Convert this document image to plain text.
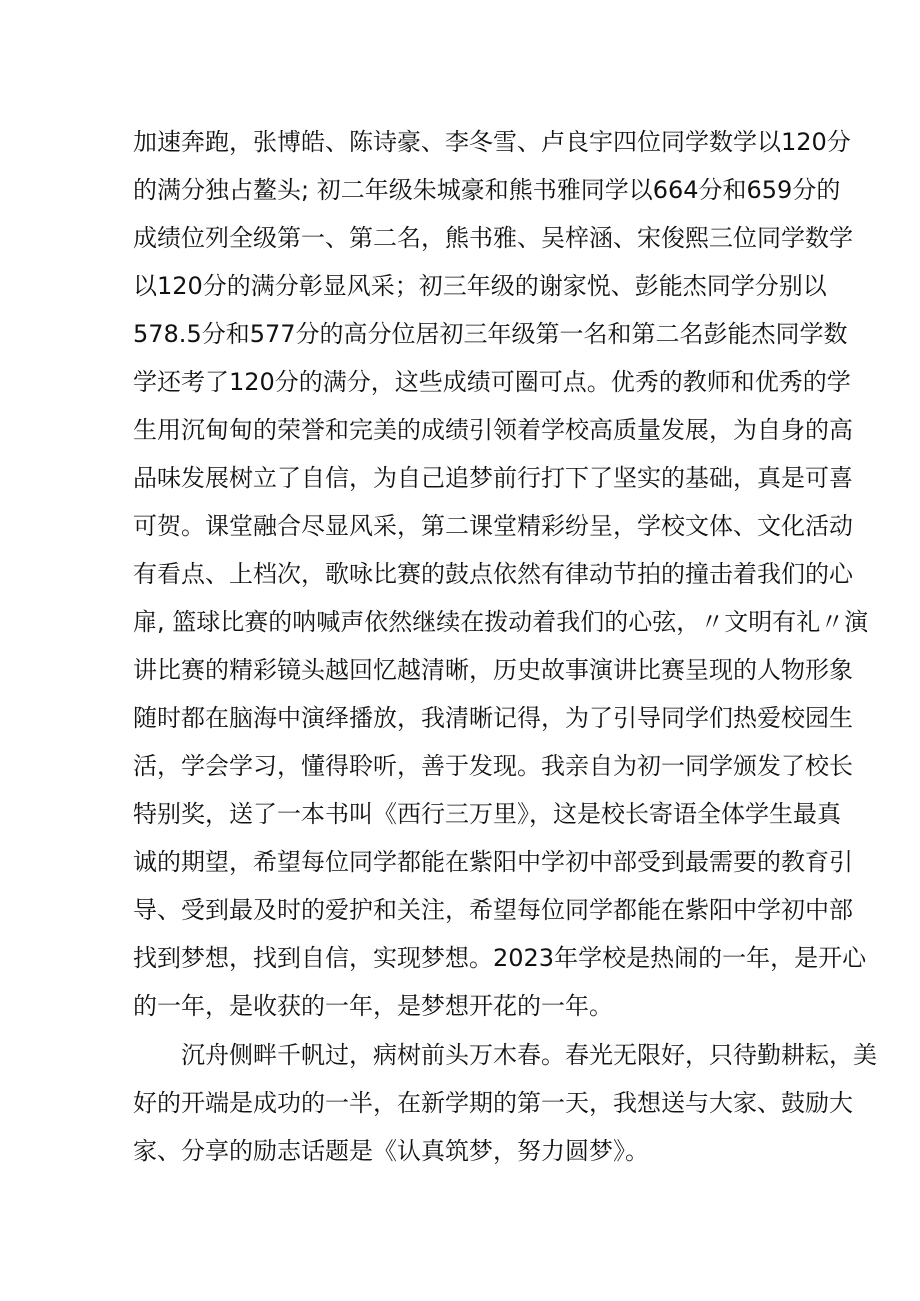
加速奔跑，张博皓、陈诗豪、李冬雪、卢良宇四位同学数学以120分
的满分独占鳌头; 初二年级朱城豪和熊书雅同学以664分和659分的
成绩位列全级第一、第二名，熊书雅、吴梓涵、宋俊熙三位同学数学
以120分的满分彰显风采；初三年级的谢家悦、彭能杰同学分别以
578.5分和577分的高分位居初三年级第一名和第二名彭能杰同学数
学还考了120分的满分，这些成绩可圈可点。优秀的教师和优秀的学
生用沉甸甸的荣誉和完美的成绩引领着学校高质量发展，为自身的高
品味发展树立了自信，为自己追梦前行打下了坚实的基础，真是可喜
可贺。课堂融合尽显风采，第二课堂精彩纷呈，学校文体、文化活动
有看点、上档次，歌咏比赛的鼓点依然有律动节拍的撞击着我们的心
扉, 篮球比赛的呐喊声依然继续在拨动着我们的心弦，〃文明有礼〃演
讲比赛的精彩镜头越回忆越清晰，历史故事演讲比赛呈现的人物形象
随时都在脑海中演绎播放，我清晰记得，为了引导同学们热爱校园生
活，学会学习，懂得聆听，善于发现。我亲自为初一同学颁发了校长
特别奖，送了一本书叫《西行三万里》，这是校长寄语全体学生最真
诚的期望，希望每位同学都能在紫阳中学初中部受到最需要的教育引
导、受到最及时的爱护和关注，希望每位同学都能在紫阳中学初中部
找到梦想，找到自信，实现梦想。2023年学校是热闹的一年，是开心
的一年，是收获的一年，是梦想开花的一年。
沉舟侧畔千帆过，病树前头万木春。春光无限好，只待勤耕耘，美
好的开端是成功的一半，在新学期的第一天，我想送与大家、鼓励大
家、分享的励志话题是《认真筑梦，努力圆梦》。
